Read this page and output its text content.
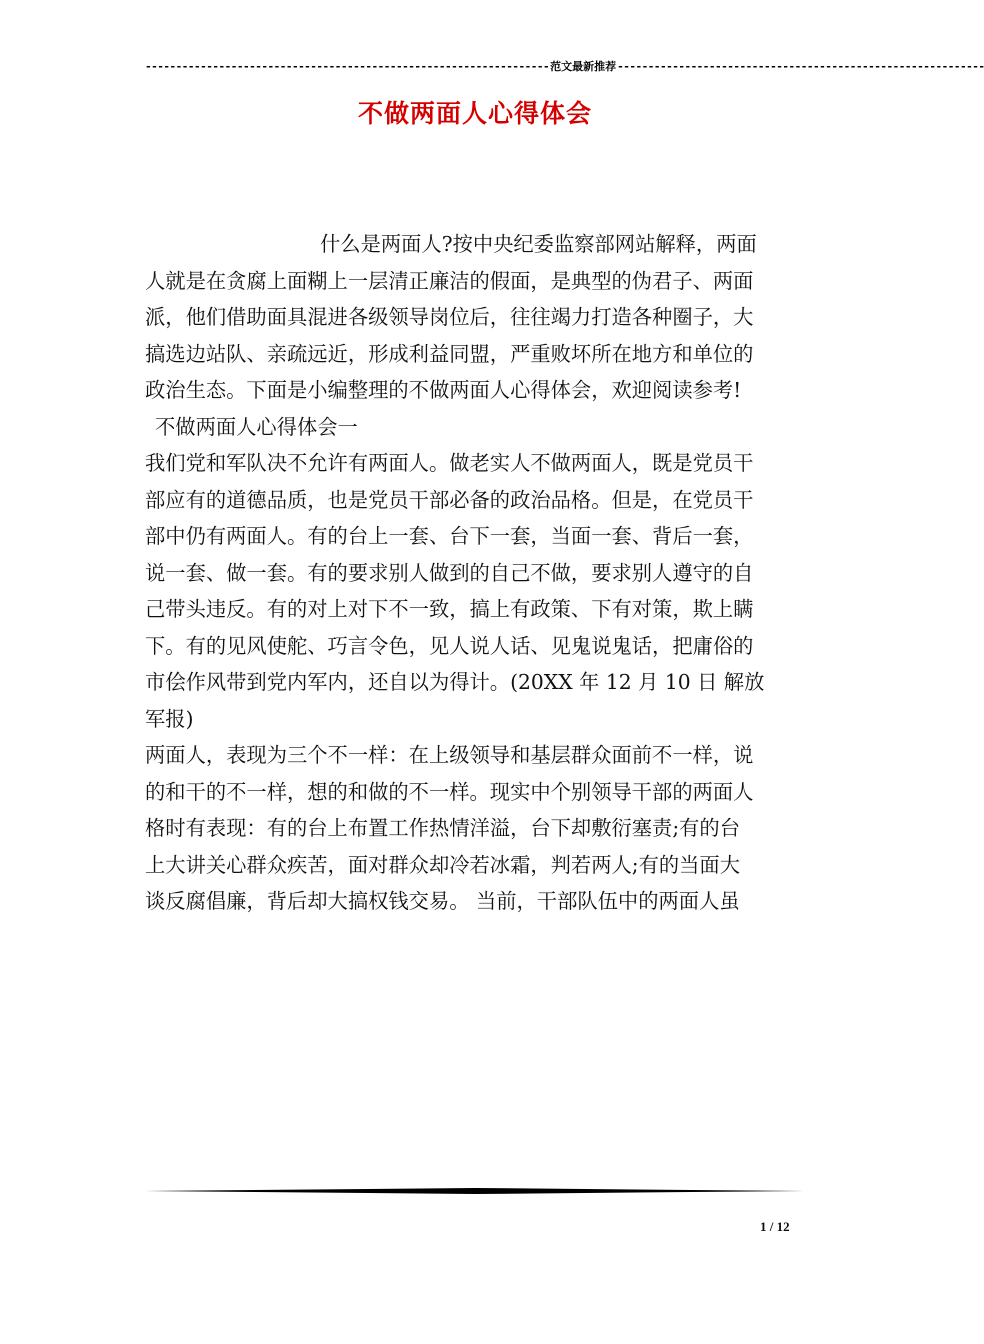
------------------------------------------------------------------ 范文最新推荐 ------------------------------------------------------------
不做两面人心得体会
什么是两面人?按中央纪委监察部网站解释，两面
人就是在贪腐上面糊上一层清正廉洁的假面，是典型的伪君子、两面
派，他们借助面具混进各级领导岗位后，往往竭力打造各种圈子，大
搞选边站队、亲疏远近，形成利益同盟，严重败坏所在地方和单位的
政治生态。下面是小编整理的不做两面人心得体会，欢迎阅读参考!
不做两面人心得体会一
我们党和军队决不允许有两面人。做老实人不做两面人，既是党员干
部应有的道德品质，也是党员干部必备的政治品格。但是，在党员干
部中仍有两面人。有的台上一套、台下一套，当面一套、背后一套，
说一套、做一套。有的要求别人做到的自己不做，要求别人遵守的自
己带头违反。有的对上对下不一致，搞上有政策、下有对策，欺上瞒
下。有的见风使舵、巧言令色，见人说人话、见鬼说鬼话，把庸俗的
市侩作风带到党内军内，还自以为得计。(20XX 年 12 月 10 日 解放
军报)
两面人，表现为三个不一样：在上级领导和基层群众面前不一样，说
的和干的不一样，想的和做的不一样。现实中个别领导干部的两面人
格时有表现：有的台上布置工作热情洋溢，台下却敷衍塞责;有的台
上大讲关心群众疾苦，面对群众却冷若冰霜，判若两人;有的当面大
谈反腐倡廉，背后却大搞权钱交易。 当前，干部队伍中的两面人虽
1 / 12
